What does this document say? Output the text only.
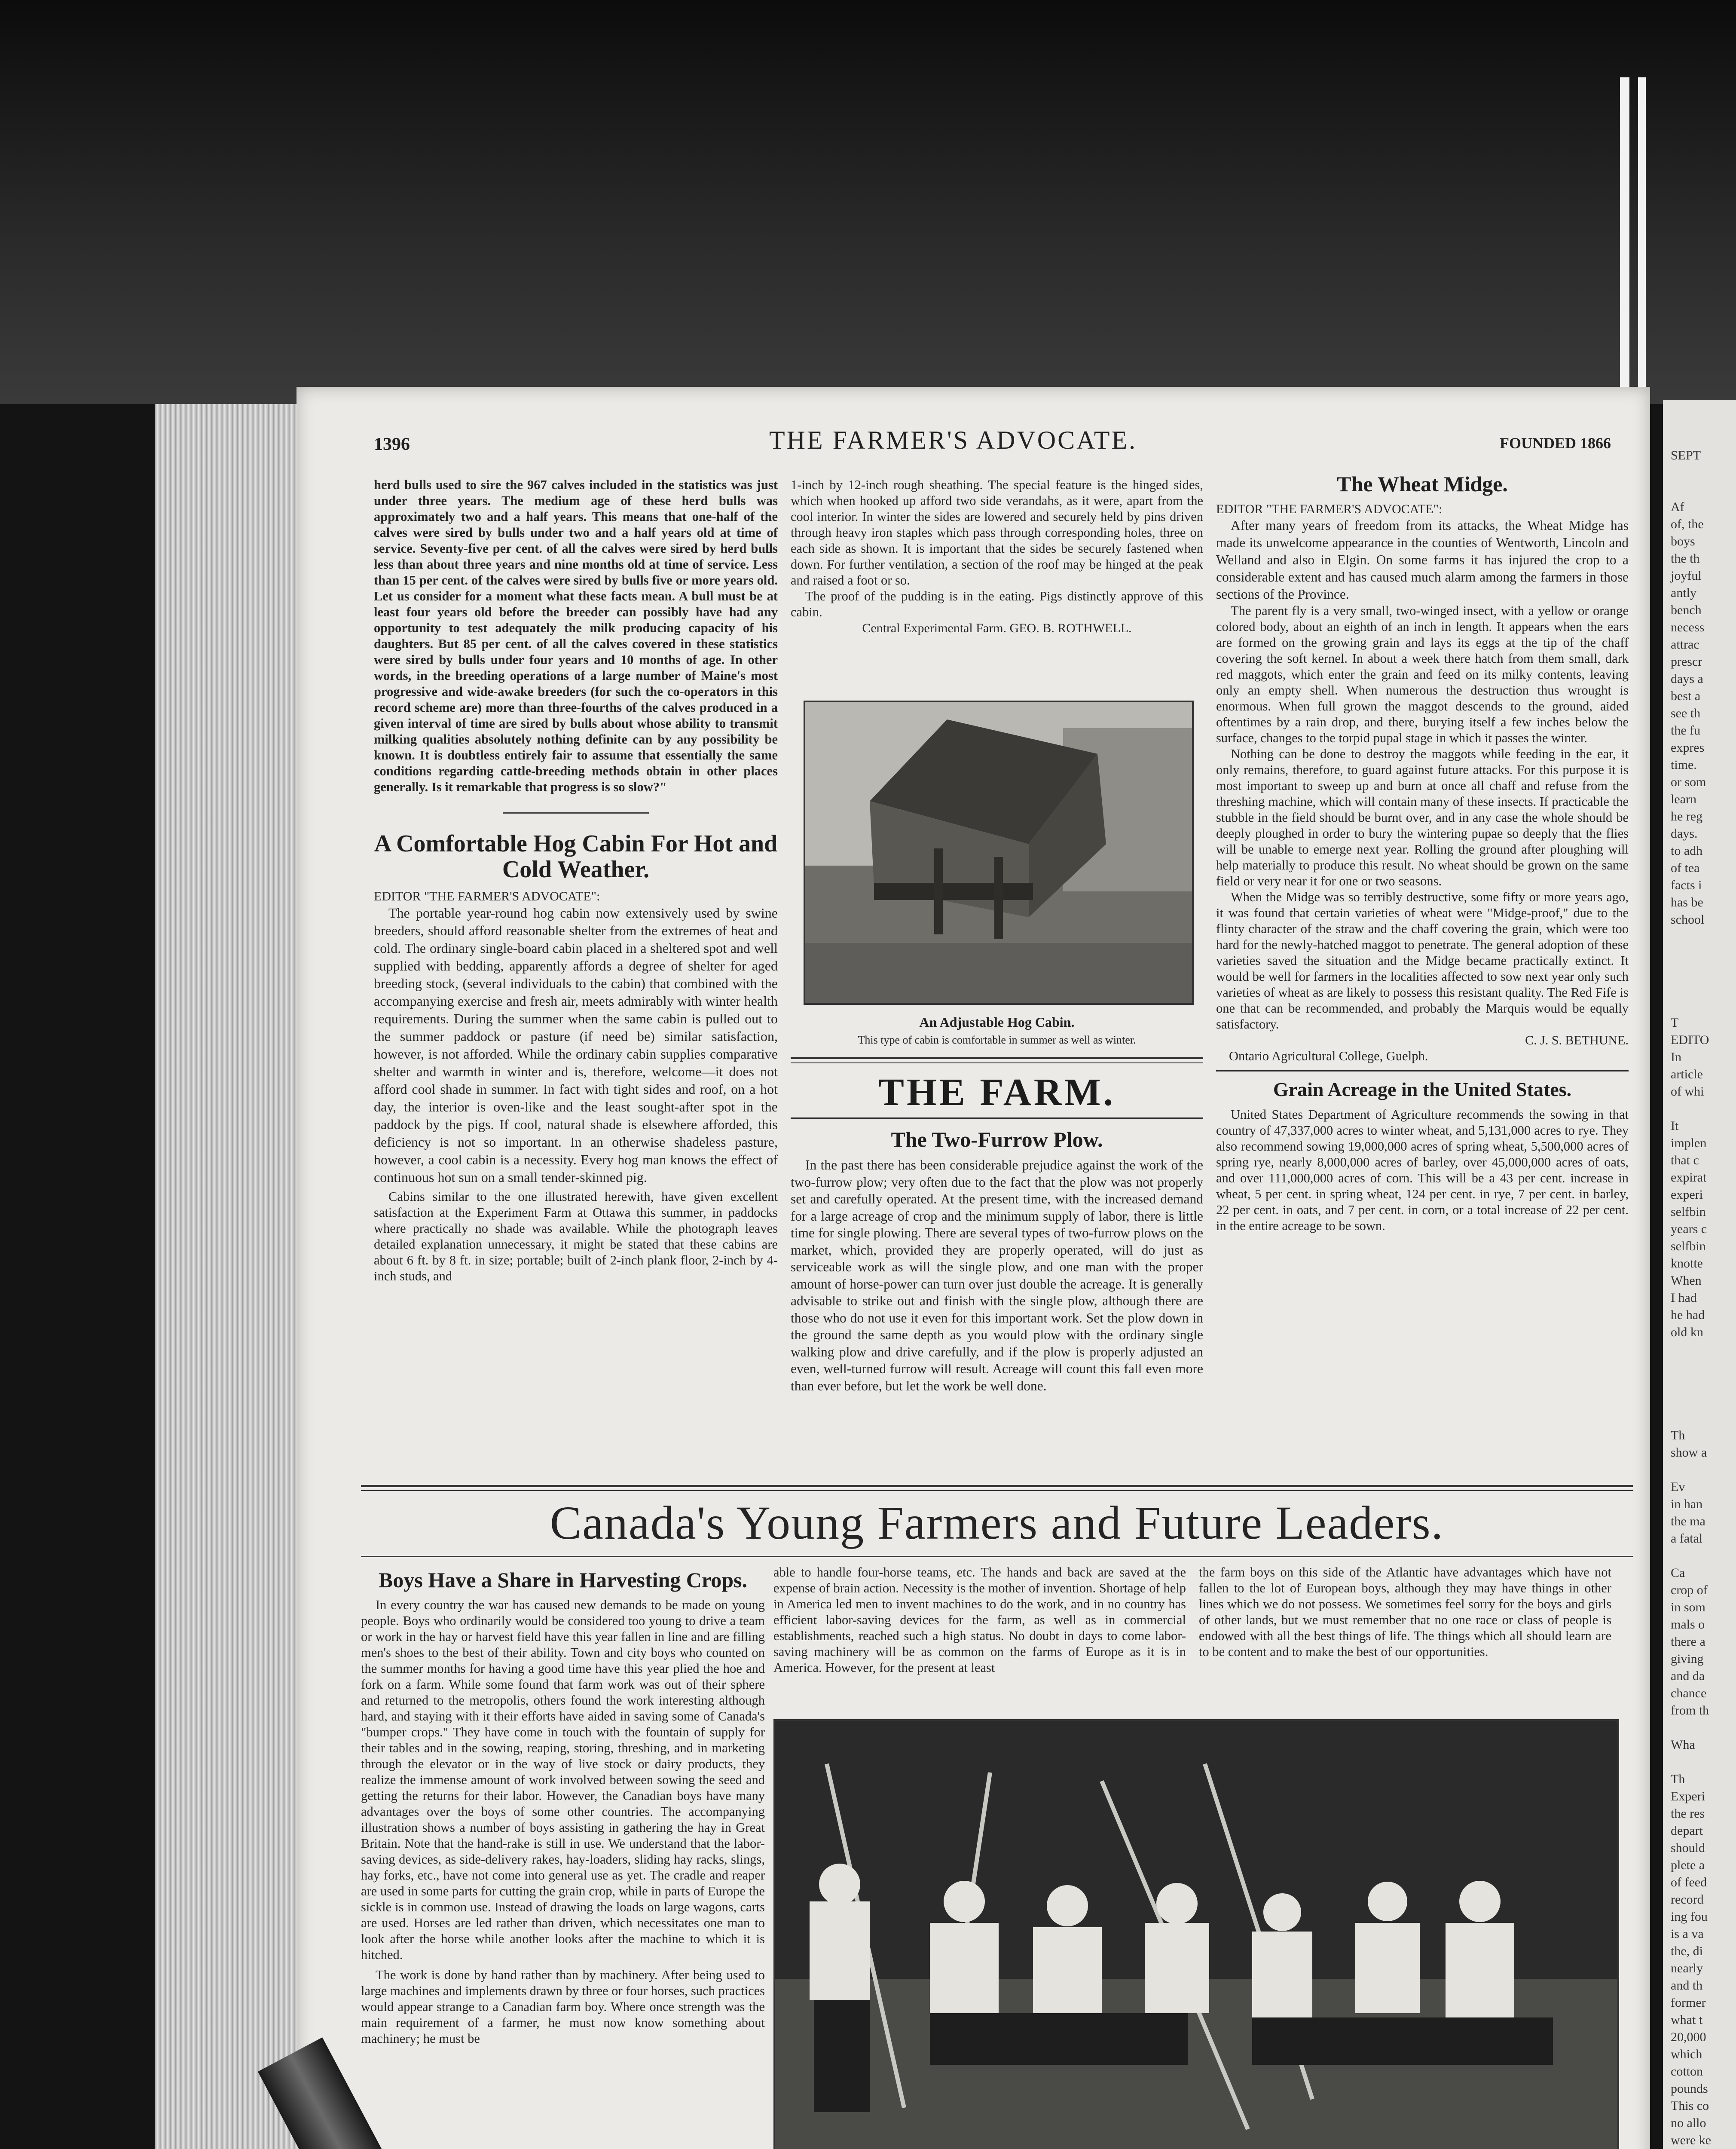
SEPT

Af
of, the
boys
the th
joyful
antly
bench
necess
attrac
prescr
days a
best a
see th
the fu
expres
time.
or som
learn
he reg
days.
to adh
of tea
facts i
has be
school

T
EDITO
In
article
of whi

It
implen
that c
expirat
experi
selfbin
years c
selfbin
knotte
When
I had
he had
old kn

Th
show a

Ev
in han
the ma
a fatal

Ca
crop of
in som
mals o
there a
giving
and da
chance
from th

Wha

Th
Experi
the res
depart
should
plete a
of feed
record
ing fou
is a va
the, di
nearly
and th
former
what t
20,000
which
cotton
pounds
This co
no allo
were ke
1396	THE FARMER'S ADVOCATE.	FOUNDED 1866

herd bulls used to sire the 967 calves included in the statistics was just under three years. The medium age of these herd bulls was approximately two and a half years. This means that one-half of the calves were sired by bulls under two and a half years old at time of service. Seventy-five per cent. of all the calves were sired by herd bulls less than about three years and nine months old at time of service. Less than 15 per cent. of the calves were sired by bulls five or more years old. Let us consider for a moment what these facts mean. A bull must be at least four years old before the breeder can possibly have had any opportunity to test adequately the milk producing capacity of his daughters. But 85 per cent. of all the calves covered in these statistics were sired by bulls under four years and 10 months of age. In other words, in the breeding operations of a large number of Maine's most progressive and wide-awake breeders (for such the co-operators in this record scheme are) more than three-fourths of the calves produced in a given interval of time are sired by bulls about whose ability to transmit milking qualities absolutely nothing definite can by any possibility be known. It is doubtless entirely fair to assume that essentially the same conditions regarding cattle-breeding methods obtain in other places generally. Is it remarkable that progress is so slow?"

A Comfortable Hog Cabin For Hot and Cold Weather.

EDITOR "THE FARMER'S ADVOCATE":

The portable year-round hog cabin now extensively used by swine breeders, should afford reasonable shelter from the extremes of heat and cold. The ordinary single-board cabin placed in a sheltered spot and well supplied with bedding, apparently affords a degree of shelter for aged breeding stock, (several individuals to the cabin) that combined with the accompanying exercise and fresh air, meets admirably with winter health requirements. During the summer when the same cabin is pulled out to the summer paddock or pasture (if need be) similar satisfaction, however, is not afforded. While the ordinary cabin supplies comparative shelter and warmth in winter and is, therefore, welcome—it does not afford cool shade in summer. In fact with tight sides and roof, on a hot day, the interior is oven-like and the least sought-after spot in the paddock by the pigs. If cool, natural shade is elsewhere afforded, this deficiency is not so important. In an otherwise shadeless pasture, however, a cool cabin is a necessity. Every hog man knows the effect of continuous hot sun on a small tender-skinned pig.

Cabins similar to the one illustrated herewith, have given excellent satisfaction at the Experiment Farm at Ottawa this summer, in paddocks where practically no shade was available. While the photograph leaves detailed explanation unnecessary, it might be stated that these cabins are about 6 ft. by 8 ft. in size; portable; built of 2-inch plank floor, 2-inch by 4-inch studs, and

1-inch by 12-inch rough sheathing. The special feature is the hinged sides, which when hooked up afford two side verandahs, as it were, apart from the cool interior. In winter the sides are lowered and securely held by pins driven through heavy iron staples which pass through corresponding holes, three on each side as shown. It is important that the sides be securely fastened when down. For further ventilation, a section of the roof may be hinged at the peak and raised a foot or so.

The proof of the pudding is in the eating. Pigs distinctly approve of this cabin.

Central Experimental Farm. GEO. B. ROTHWELL.

An Adjustable Hog Cabin.
This type of cabin is comfortable in summer as well as winter.
THE FARM.
The Two-Furrow Plow.

In the past there has been considerable prejudice against the work of the two-furrow plow; very often due to the fact that the plow was not properly set and carefully operated. At the present time, with the increased demand for a large acreage of crop and the minimum supply of labor, there is little time for single plowing. There are several types of two-furrow plows on the market, which, provided they are properly operated, will do just as serviceable work as will the single plow, and one man with the proper amount of horse-power can turn over just double the acreage. It is generally advisable to strike out and finish with the single plow, although there are those who do not use it even for this important work. Set the plow down in the ground the same depth as you would plow with the ordinary single walking plow and drive carefully, and if the plow is properly adjusted an even, well-turned furrow will result. Acreage will count this fall even more than ever before, but let the work be well done.

The Wheat Midge.

EDITOR "THE FARMER'S ADVOCATE":

After many years of freedom from its attacks, the Wheat Midge has made its unwelcome appearance in the counties of Wentworth, Lincoln and Welland and also in Elgin. On some farms it has injured the crop to a considerable extent and has caused much alarm among the farmers in those sections of the Province.

The parent fly is a very small, two-winged insect, with a yellow or orange colored body, about an eighth of an inch in length. It appears when the ears are formed on the growing grain and lays its eggs at the tip of the chaff covering the soft kernel. In about a week there hatch from them small, dark red maggots, which enter the grain and feed on its milky contents, leaving only an empty shell. When numerous the destruction thus wrought is enormous. When full grown the maggot descends to the ground, aided oftentimes by a rain drop, and there, burying itself a few inches below the surface, changes to the torpid pupal stage in which it passes the winter.

Nothing can be done to destroy the maggots while feeding in the ear, it only remains, therefore, to guard against future attacks. For this purpose it is most important to sweep up and burn at once all chaff and refuse from the threshing machine, which will contain many of these insects. If practicable the stubble in the field should be burnt over, and in any case the whole should be deeply ploughed in order to bury the wintering pupae so deeply that the flies will be unable to emerge next year. Rolling the ground after ploughing will help materially to produce this result. No wheat should be grown on the same field or very near it for one or two seasons.

When the Midge was so terribly destructive, some fifty or more years ago, it was found that certain varieties of wheat were "Midge-proof," due to the flinty character of the straw and the chaff covering the grain, which were too hard for the newly-hatched maggot to penetrate. The general adoption of these varieties saved the situation and the Midge became practically extinct. It would be well for farmers in the localities affected to sow next year only such varieties of wheat as are likely to possess this resistant quality. The Red Fife is one that can be recommended, and probably the Marquis would be equally satisfactory.

C. J. S. BETHUNE.

Ontario Agricultural College, Guelph.

Grain Acreage in the United States.

United States Department of Agriculture recommends the sowing in that country of 47,337,000 acres to winter wheat, and 5,131,000 acres to rye. They also recommend sowing 19,000,000 acres of spring wheat, 5,500,000 acres of spring rye, nearly 8,000,000 acres of barley, over 45,000,000 acres of oats, and over 111,000,000 acres of corn. This will be a 43 per cent. increase in wheat, 5 per cent. in spring wheat, 124 per cent. in rye, 7 per cent. in barley, 22 per cent. in oats, and 7 per cent. in corn, or a total increase of 22 per cent. in the entire acreage to be sown.

Canada's Young Farmers and Future Leaders.
Boys Have a Share in Harvesting Crops.

In every country the war has caused new demands to be made on young people. Boys who ordinarily would be considered too young to drive a team or work in the hay or harvest field have this year fallen in line and are filling men's shoes to the best of their ability. Town and city boys who counted on the summer months for having a good time have this year plied the hoe and fork on a farm. While some found that farm work was out of their sphere and returned to the metropolis, others found the work interesting although hard, and staying with it their efforts have aided in saving some of Canada's "bumper crops." They have come in touch with the fountain of supply for their tables and in the sowing, reaping, storing, threshing, and in marketing through the elevator or in the way of live stock or dairy products, they realize the immense amount of work involved between sowing the seed and getting the returns for their labor. However, the Canadian boys have many advantages over the boys of some other countries. The accompanying illustration shows a number of boys assisting in gathering the hay in Great Britain. Note that the hand-rake is still in use. We understand that the labor-saving devices, as side-delivery rakes, hay-loaders, sliding hay racks, slings, hay forks, etc., have not come into general use as yet. The cradle and reaper are used in some parts for cutting the grain crop, while in parts of Europe the sickle is in common use. Instead of drawing the loads on large wagons, carts are used. Horses are led rather than driven, which necessitates one man to look after the horse while another looks after the machine to which it is hitched.

The work is done by hand rather than by machinery. After being used to large machines and implements drawn by three or four horses, such practices would appear strange to a Canadian farm boy. Where once strength was the main requirement of a farmer, he must now know something about machinery; he must be

able to handle four-horse teams, etc. The hands and back are saved at the expense of brain action. Necessity is the mother of invention. Shortage of help in America led men to invent machines to do the work, and in no country has efficient labor-saving devices for the farm, as well as in commercial establishments, reached such a high status. No doubt in days to come labor-saving machinery will be as common on the farms of Europe as it is in America. However, for the present at least

the farm boys on this side of the Atlantic have advantages which have not fallen to the lot of European boys, although they may have things in other lines which we do not possess. We sometimes feel sorry for the boys and girls of other lands, but we must remember that no one race or class of people is endowed with all the best things of life. The things which all should learn are to be content and to make the best of our opportunities.
